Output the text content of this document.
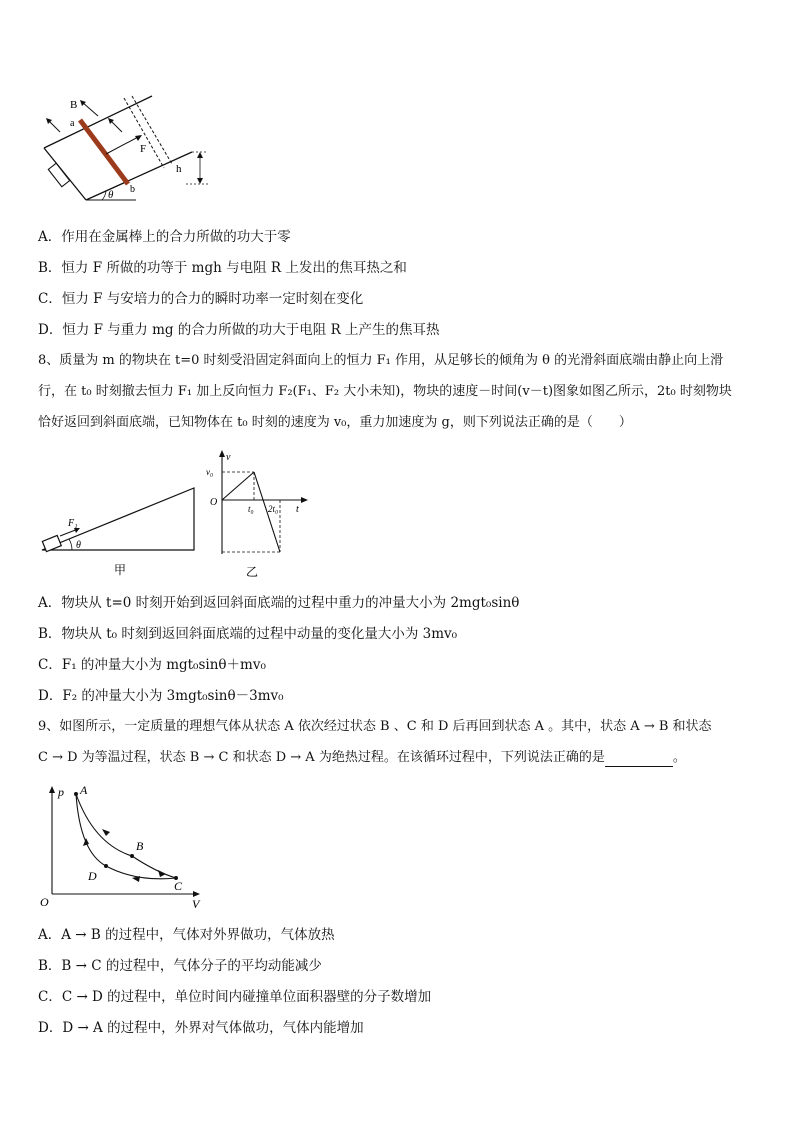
B
a
b
F
h
θ
A．作用在金属棒上的合力所做的功大于零
B．恒力 F 所做的功等于 mgh 与电阻 R 上发出的焦耳热之和
C．恒力 F 与安培力的合力的瞬时功率一定时刻在变化
D．恒力 F 与重力 mg 的合力所做的功大于电阻 R 上产生的焦耳热
8、质量为 m 的物块在 t=0 时刻受沿固定斜面向上的恒力 F₁ 作用，从足够长的倾角为 θ 的光滑斜面底端由静止向上滑
行，在 t₀ 时刻撤去恒力 F₁ 加上反向恒力 F₂(F₁、F₂ 大小未知)，物块的速度－时间(v－t)图象如图乙所示，2t₀ 时刻物块
恰好返回到斜面底端，已知物体在 t₀ 时刻的速度为 v₀，重力加速度为 g，则下列说法正确的是（　　）
F₁
θ
甲
v
v₀
O
t₀ 2t₀ t
乙
A．物块从 t=0 时刻开始到返回斜面底端的过程中重力的冲量大小为 2mgt₀sinθ
B．物块从 t₀ 时刻到返回斜面底端的过程中动量的变化量大小为 3mv₀
C．F₁ 的冲量大小为 mgt₀sinθ＋mv₀
D．F₂ 的冲量大小为 3mgt₀sinθ－3mv₀
9、如图所示，一定质量的理想气体从状态 A 依次经过状态 B 、C 和 D 后再回到状态 A 。其中，状态 A → B 和状态
C → D 为等温过程，状态 B → C 和状态 D → A 为绝热过程。在该循环过程中，下列说法正确的是	。
p A
B
C
D
O	V
A．A → B 的过程中，气体对外界做功，气体放热
B．B → C 的过程中，气体分子的平均动能减少
C．C → D 的过程中，单位时间内碰撞单位面积器壁的分子数增加
D．D → A 的过程中，外界对气体做功，气体内能增加
